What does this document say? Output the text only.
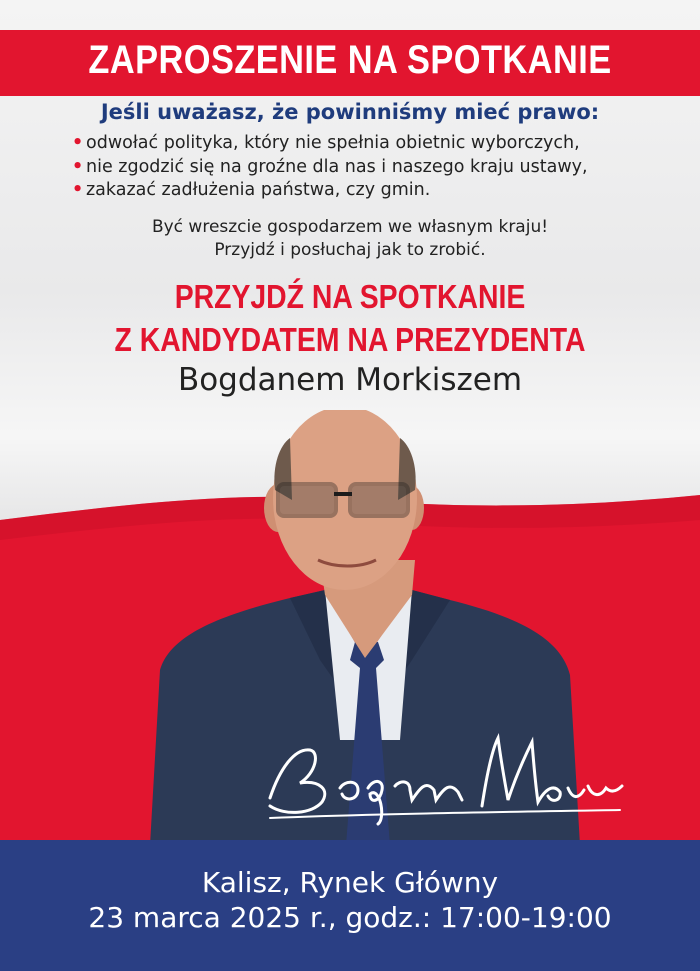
ZAPROSZENIE NA SPOTKANIE
Jeśli uważasz, że powinniśmy mieć prawo:
• odwołać polityka, który nie spełnia obietnic wyborczych,
• nie zgodzić się na groźne dla nas i naszego kraju ustawy,
• zakazać zadłużenia państwa, czy gmin.
Być wreszcie gospodarzem we własnym kraju!
Przyjdź i posłuchaj jak to zrobić.
PRZYJDŹ NA SPOTKANIE
Z KANDYDATEM NA PREZYDENTA
Bogdanem Morkiszem
Kalisz, Rynek Główny
23 marca 2025 r., godz.: 17:00-19:00
